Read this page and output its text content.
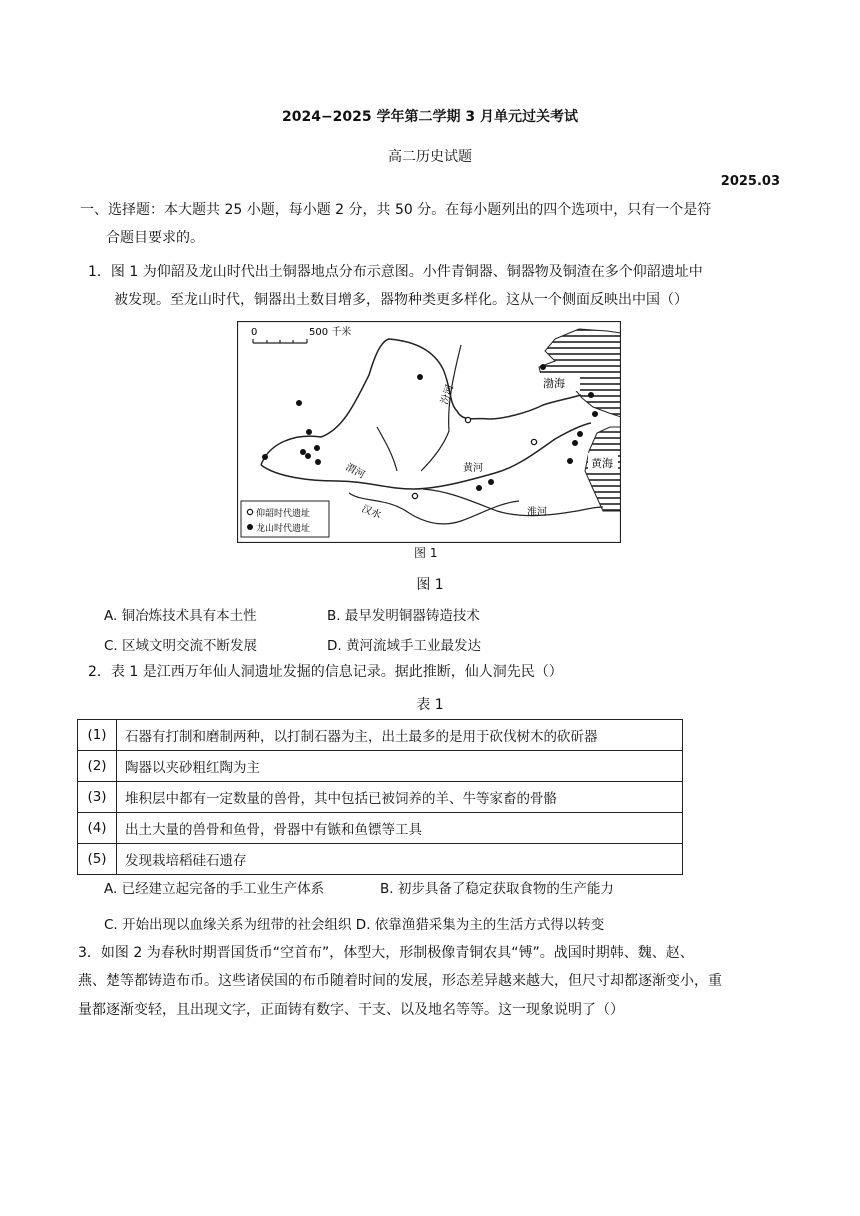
2024−2025 学年第二学期 3 月单元过关考试
高二历史试题
2025.03
一、选择题：本大题共 25 小题，每小题 2 分，共 50 分。在每小题列出的四个选项中，只有一个是符
合题目要求的。
1．图 1 为仰韶及龙山时代出土铜器地点分布示意图。小件青铜器、铜器物及铜渣在多个仰韶遗址中
被发现。至龙山时代，铜器出土数目增多，器物种类更多样化。这从一个侧面反映出中国（）
渤海
黄海
渭河	黄河
汉水	淮河
汾河
0	500 千米
仰韶时代遗址
龙山时代遗址
图 1
图 1
A. 铜冶炼技术具有本土性	B. 最早发明铜器铸造技术
C. 区域文明交流不断发展	D. 黄河流域手工业最发达
2．表 1 是江西万年仙人洞遗址发掘的信息记录。据此推断，仙人洞先民（）
表 1
(1)	石器有打制和磨制两种，以打制石器为主，出土最多的是用于砍伐树木的砍斫器
(2)	陶器以夹砂粗红陶为主
(3)	堆积层中都有一定数量的兽骨，其中包括已被饲养的羊、牛等家畜的骨骼
(4)	出土大量的兽骨和鱼骨，骨器中有镞和鱼镖等工具
(5)	发现栽培稻硅石遗存
A. 已经建立起完备的手工业生产体系	B. 初步具备了稳定获取食物的生产能力
C. 开始出现以血缘关系为纽带的社会组织 D. 依靠渔猎采集为主的生活方式得以转变
3．如图 2 为春秋时期晋国货币“空首布”，体型大，形制极像青铜农具“镈”。战国时期韩、魏、赵、
燕、楚等都铸造布币。这些诸侯国的布币随着时间的发展，形态差异越来越大，但尺寸却都逐渐变小，重
量都逐渐变轻，且出现文字，正面铸有数字、干支、以及地名等等。这一现象说明了（）
